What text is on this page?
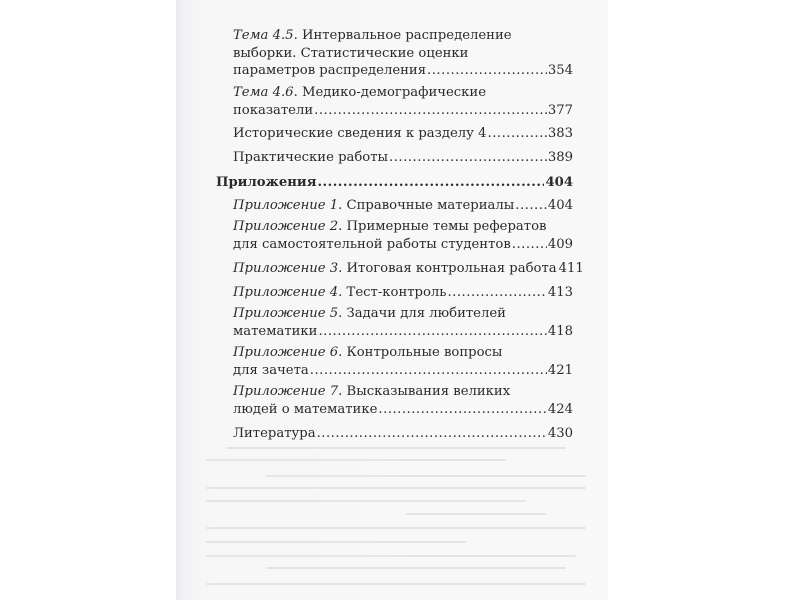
Тема 4.5. Интервальное распределение
выборки. Статистические оценки
параметров распределения .....	354
Тема 4.6. Медико-демографические
показатели .....	377
Исторические сведения к разделу 4 .....	383
Практические работы .....	389
Приложения .....	404
Приложение 1. Справочные материалы .....	404
Приложение 2. Примерные темы рефератов
для самостоятельной работы студентов .....	409
Приложение 3. Итоговая контрольная работа 411
Приложение 4. Тест-контроль .....	413
Приложение 5. Задачи для любителей
математики .....	418
Приложение 6. Контрольные вопросы
для зачета .....	421
Приложение 7. Высказывания великих
людей о математике .....	424
Литература .....	430
